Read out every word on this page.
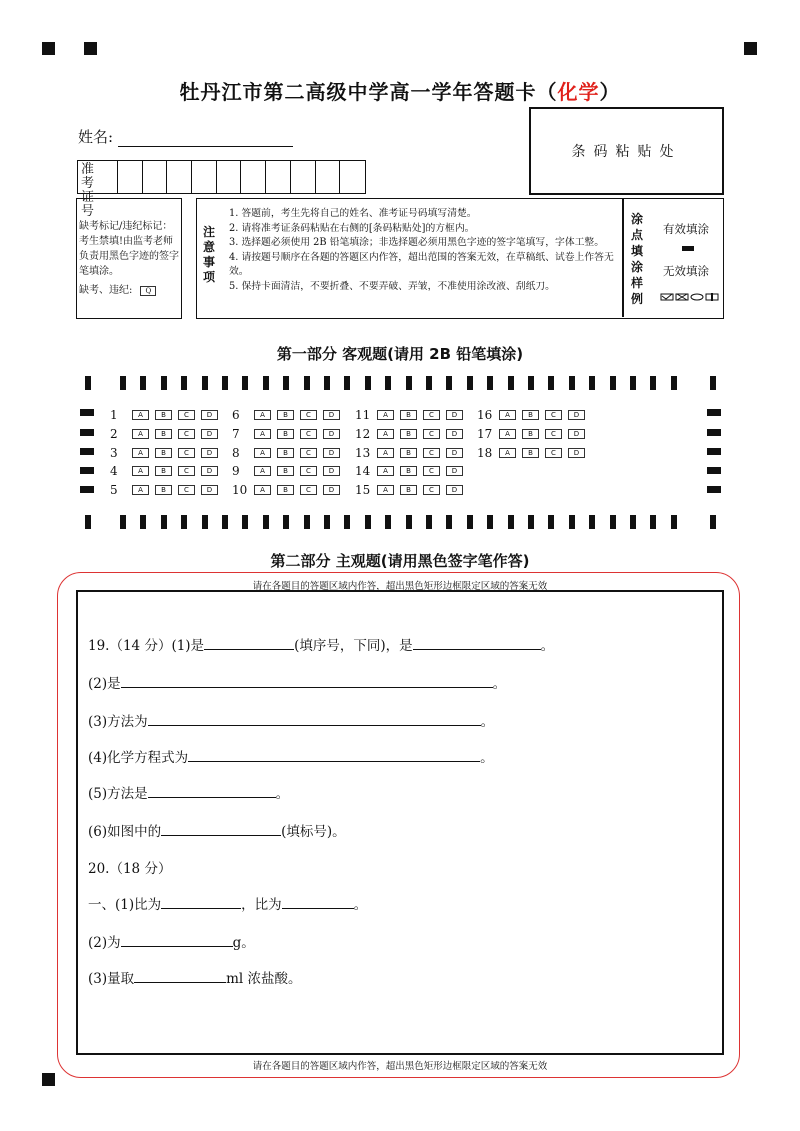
牡丹江市第二高级中学高一学年答题卡（化学）
姓名:
准考证号
条码粘贴处
缺考标记/违纪标记：考生禁填!由监考老师负责用黑色字迹的签字笔填涂。
缺考、违纪:	Q
注意事项
1. 答题前，考生先将自己的姓名、准考证号码填写清楚。
2. 请将准考证条码粘贴在右侧的[条码粘贴处]的方框内。
3. 选择题必须使用 2B 铅笔填涂；非选择题必须用黑色字迹的签字笔填写，字体工整。
4. 请按题号顺序在各题的答题区内作答，超出范围的答案无效，在草稿纸、试卷上作答无效。
5. 保持卡面清洁，不要折叠、不要弄破、弄皱，不准使用涂改液、刮纸刀。
涂点填涂样例
有效填涂
无效填涂
第一部分 客观题(请用 2B 铅笔填涂)
1	A	B	C	D
2	A	B	C	D
3	A	B	C	D
4	A	B	C	D
5	A	B	C	D
6	A	B	C	D
7	A	B	C	D
8	A	B	C	D
9	A	B	C	D
10	A	B	C	D
11	A	B	C	D
12	A	B	C	D
13	A	B	C	D
14	A	B	C	D
15	A	B	C	D
16	A	B	C	D
17	A	B	C	D
18	A	B	C	D
第二部分 主观题(请用黑色签字笔作答)
请在各题目的答题区域内作答，超出黑色矩形边框限定区域的答案无效
请在各题目的答题区域内作答，超出黑色矩形边框限定区域的答案无效
19.（14 分）(1)是	(填序号，下同)，是	。
(2)是	。
(3)方法为	。
(4)化学方程式为	。
(5)方法是	。
(6)如图中的	(填标号)。
20.（18 分）
一、(1)比为	，比为	。
(2)为	g。
(3)量取	ml 浓盐酸。
